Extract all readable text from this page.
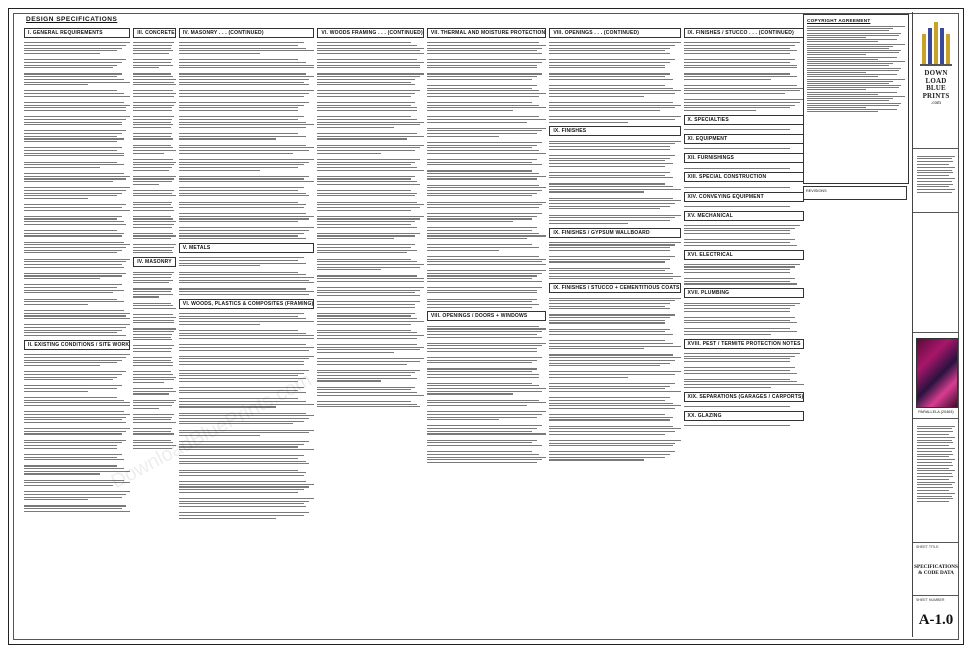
DESIGN SPECIFICATIONS
I. GENERAL REQUIREMENTS
II. EXISTING CONDITIONS / SITE WORK
III. CONCRETE
IV. MASONRY
IV. MASONRY . . . (CONTINUED)
V. METALS
VI. WOODS, PLASTICS & COMPOSITES (FRAMING)
VI. WOODS FRAMING . . . (CONTINUED)	VII. THERMAL AND MOISTURE PROTECTION
VIII. OPENINGS / DOORS + WINDOWS
VIII. OPENINGS . . . (CONTINUED)
IX. FINISHES
IX. FINISHES / GYPSUM WALLBOARD
IX. FINISHES / STUCCO + CEMENTITIOUS COATS
IX. FINISHES / STUCCO . . . (CONTINUED)
X. SPECIALTIES
XI. EQUIPMENT
XII. FURNISHINGS
XIII. SPECIAL CONSTRUCTION
XIV. CONVEYING EQUIPMENT
XV. MECHANICAL
XVI. ELECTRICAL
XVII. PLUMBING
XVIII. PEST / TERMITE PROTECTION NOTES
XIX. SEPARATIONS (GARAGES / CARPORTS)
XX. GLAZING
COPYRIGHT AGREEMENT
REVISIONS
DOWN
LOAD
BLUE
PRINTS
.com
PARALLELA (20463)
SHEET TITLE
SPECIFICATIONS & CODE DATA
SHEET NUMBER
A-1.0
